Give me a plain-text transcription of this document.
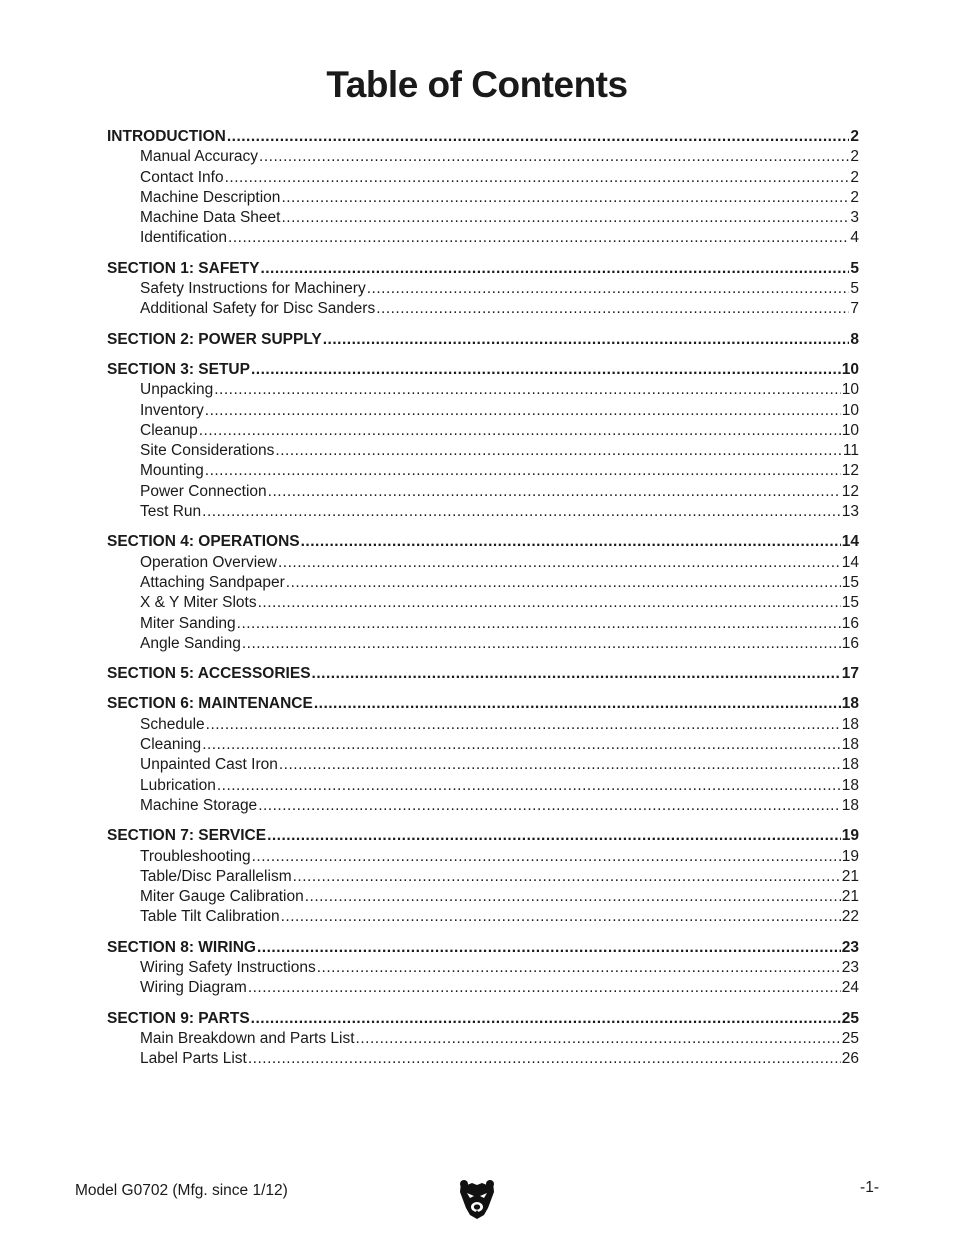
Table of Contents
INTRODUCTION .....	2
Manual Accuracy .....	2
Contact Info .....	2
Machine Description .....	2
Machine Data Sheet .....	3
Identification .....	4
SECTION 1: SAFETY .....	5
Safety Instructions for Machinery .....	5
Additional Safety for Disc Sanders .....	7
SECTION 2: POWER SUPPLY .....	8
SECTION 3: SETUP .....	10
Unpacking .....	10
Inventory .....	10
Cleanup .....	10
Site Considerations .....	11
Mounting .....	12
Power Connection .....	12
Test Run .....	13
SECTION 4: OPERATIONS .....	14
Operation Overview .....	14
Attaching Sandpaper .....	15
X & Y Miter Slots .....	15
Miter Sanding .....	16
Angle Sanding .....	16
SECTION 5: ACCESSORIES .....	17
SECTION 6: MAINTENANCE .....	18
Schedule .....	18
Cleaning .....	18
Unpainted Cast Iron .....	18
Lubrication .....	18
Machine Storage .....	18
SECTION 7: SERVICE .....	19
Troubleshooting .....	19
Table/Disc Parallelism .....	21
Miter Gauge Calibration .....	21
Table Tilt Calibration .....	22
SECTION 8: WIRING .....	23
Wiring Safety Instructions .....	23
Wiring Diagram .....	24
SECTION 9: PARTS .....	25
Main Breakdown and Parts List .....	25
Label Parts List .....	26
Model G0702 (Mfg. since 1/12)	-1-
